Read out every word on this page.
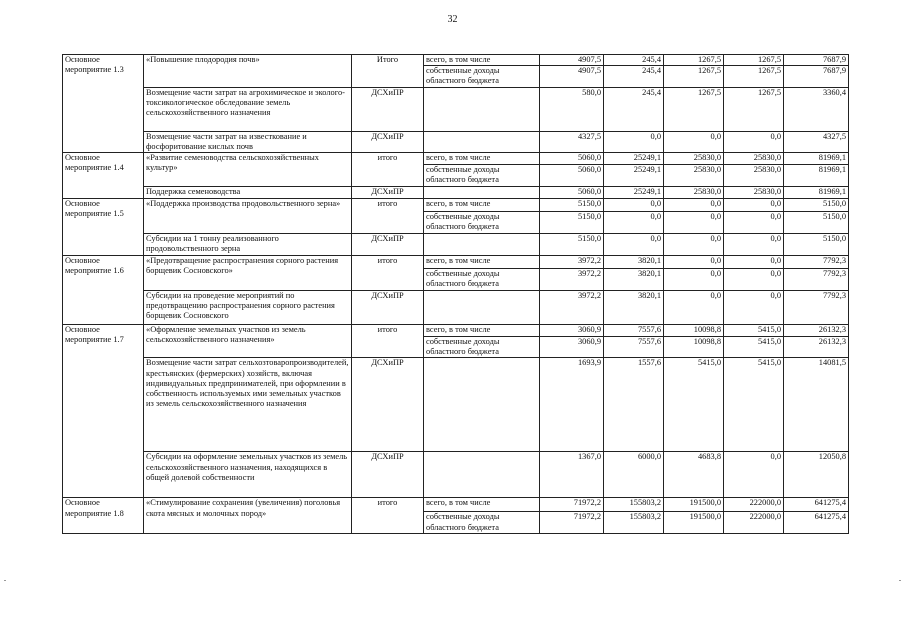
32
Основное мероприятие 1.3	«Повышение плодородия почв»	Итого	всего, в том числе	4907,5	245,4	1267,5	1267,5	7687,9
			собственные доходы областного бюджета	4907,5	245,4	1267,5	1267,5	7687,9
	Возмещение части затрат на агрохимическое и эколого-токсикологическое обследование земель сельскохозяйственного назначения	ДСХиПР		580,0	245,4	1267,5	1267,5	3360,4
	Возмещение части затрат на известкование и фосфоритование кислых почв	ДСХиПР		4327,5	0,0	0,0	0,0	4327,5
Основное мероприятие 1.4	«Развитие семеноводства сельскохозяйственных культур»	итого	всего, в том числе	5060,0	25249,1	25830,0	25830,0	81969,1
			собственные доходы областного бюджета	5060,0	25249,1	25830,0	25830,0	81969,1
	Поддержка семеноводства	ДСХиПР		5060,0	25249,1	25830,0	25830,0	81969,1
Основное мероприятие 1.5	«Поддержка производства продовольственного зерна»	итого	всего, в том числе	5150,0	0,0	0,0	0,0	5150,0
			собственные доходы областного бюджета	5150,0	0,0	0,0	0,0	5150,0
	Субсидии на 1 тонну реализованного продовольственного зерна	ДСХиПР		5150,0	0,0	0,0	0,0	5150,0
Основное мероприятие 1.6	«Предотвращение распространения сорного растения борщевик Сосновского»	итого	всего, в том числе	3972,2	3820,1	0,0	0,0	7792,3
			собственные доходы областного бюджета	3972,2	3820,1	0,0	0,0	7792,3
	Субсидии на проведение мероприятий по предотвращению распространения сорного растения борщевик Сосновского	ДСХиПР		3972,2	3820,1	0,0	0,0	7792,3
Основное мероприятие 1.7	«Оформление земельных участков из земель сельскохозяйственного назначения»	итого	всего, в том числе	3060,9	7557,6	10098,8	5415,0	26132,3
			собственные доходы областного бюджета	3060,9	7557,6	10098,8	5415,0	26132,3
	Возмещение части затрат сельхозтоваропроизводителей, крестьянских (фермерских) хозяйств, включая индивидуальных предпринимателей, при оформлении в собственность используемых ими земельных участков из земель сельскохозяйственного назначения	ДСХиПР		1693,9	1557,6	5415,0	5415,0	14081,5
	Субсидии на оформление земельных участков из земель сельскохозяйственного назначения, находящихся в общей долевой собственности	ДСХиПР		1367,0	6000,0	4683,8	0,0	12050,8
Основное мероприятие 1.8	«Стимулирование сохранения (увеличения) поголовья скота мясных и молочных пород»	итого	всего, в том числе	71972,2	155803,2	191500,0	222000,0	641275,4
			собственные доходы областного бюджета	71972,2	155803,2	191500,0	222000,0	641275,4
